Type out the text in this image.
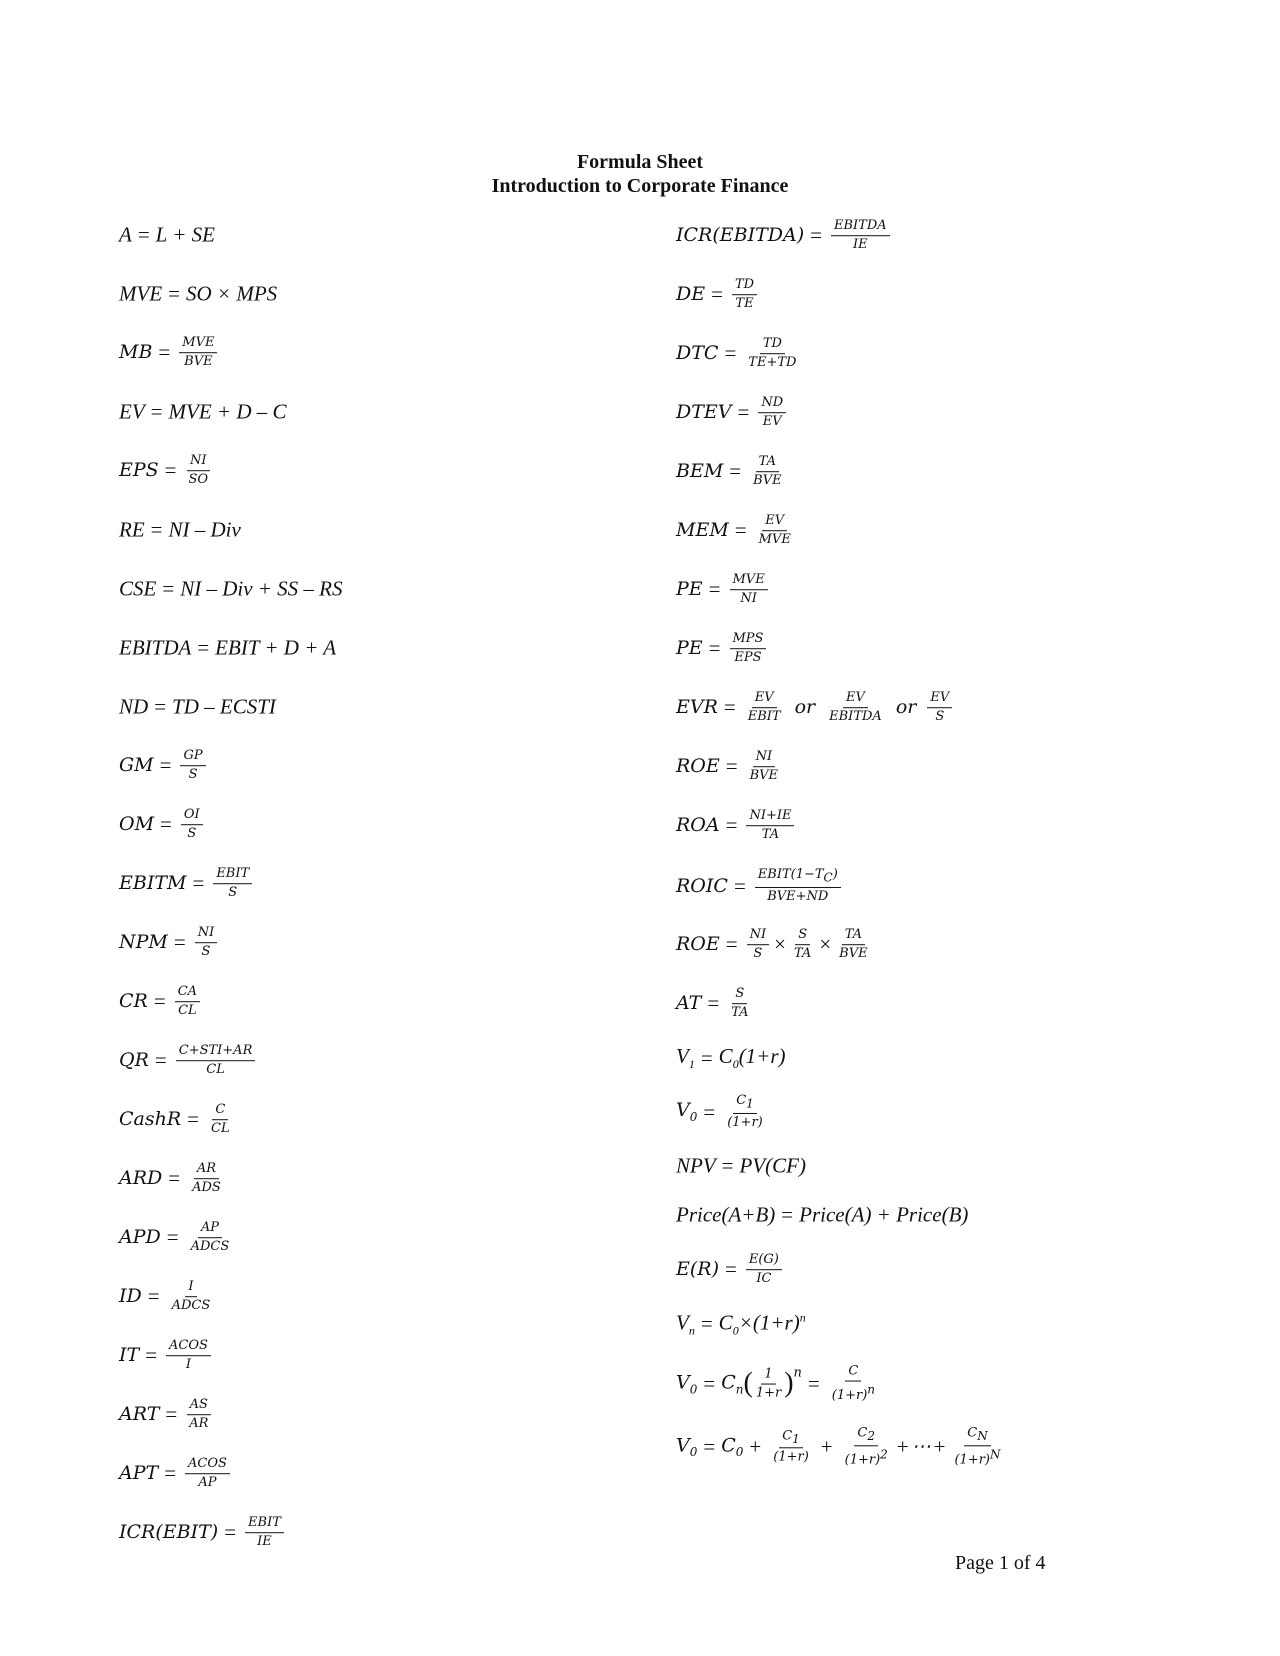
Formula Sheet
Introduction to Corporate Finance
A = L + SE
MVE = SO × MPS
MB = $\frac{\text{MVE}}{\text{BVE}}$
EV = MVE + D – C
EPS = $\frac{NI}{SO}$
RE = NI – Div
CSE = NI – Div + SS – RS
EBITDA = EBIT + D + A
ND = TD – ECSTI
GM = $\frac{GP}{S}$
OM = $\frac{OI}{S}$
EBITM = $\frac{\text{EBIT}}{S}$
NPM = $\frac{NI}{S}$
CR = $\frac{CA}{CL}$
QR = $\frac{\text{C+STI+AR}}{CL}$
CashR = $\frac{C}{CL}$
ARD = $\frac{AR}{\text{ADS}}$
APD = $\frac{AP}{\text{ADCS}}$
ID = $\frac{I}{\text{ADCS}}$
IT = $\frac{\text{ACOS}}{I}$
ART = $\frac{AS}{AR}$
APT = $\frac{\text{ACOS}}{AP}$
ICR(EBIT) = $\frac{\text{EBIT}}{IE}$
ICR(EBITDA) = $\frac{\text{EBITDA}}{IE}$
DE = $\frac{TD}{TE}$
DTC = $\frac{TD}{TE+TD}$
DTEV = $\frac{ND}{EV}$
BEM = $\frac{TA}{\text{BVE}}$
MEM = $\frac{EV}{\text{MVE}}$
PE = $\frac{\text{MVE}}{NI}$
PE = $\frac{\text{MPS}}{\text{EPS}}$
EVR = $\frac{EV}{\text{EBIT}}$ or $\frac{EV}{\text{EBITDA}}$ or $\frac{EV}{S}$
ROE = $\frac{NI}{\text{BVE}}$
ROA = $\frac{NI+IE}{TA}$
ROIC = $\frac{EBIT(1-T_C)}{\text{BVE+ND}}$
ROE = $\frac{NI}{S} \times \frac{S}{TA} \times \frac{TA}{\text{BVE}}$
AT = $\frac{S}{TA}$
$V_1 = C_0(1+r)$
$V_0 = \frac{C_1}{(1+r)}$
NPV = PV(CF)
Price(A+B) = Price(A) + Price(B)
$E(R) = \frac{E(G)}{IC}$
$V_n = C_0\times(1+r)^n$
$V_0 = C_n$ ( $\frac{1}{1+r} )^n = \frac{C}{(1+r)^n}$
$V_0 = C_0 + \frac{C_1}{(1+r)} + \frac{C_2}{(1+r)^2}$ + ⋯ + $\frac{C_N}{(1+r)^N}$
Page 1 of 4
